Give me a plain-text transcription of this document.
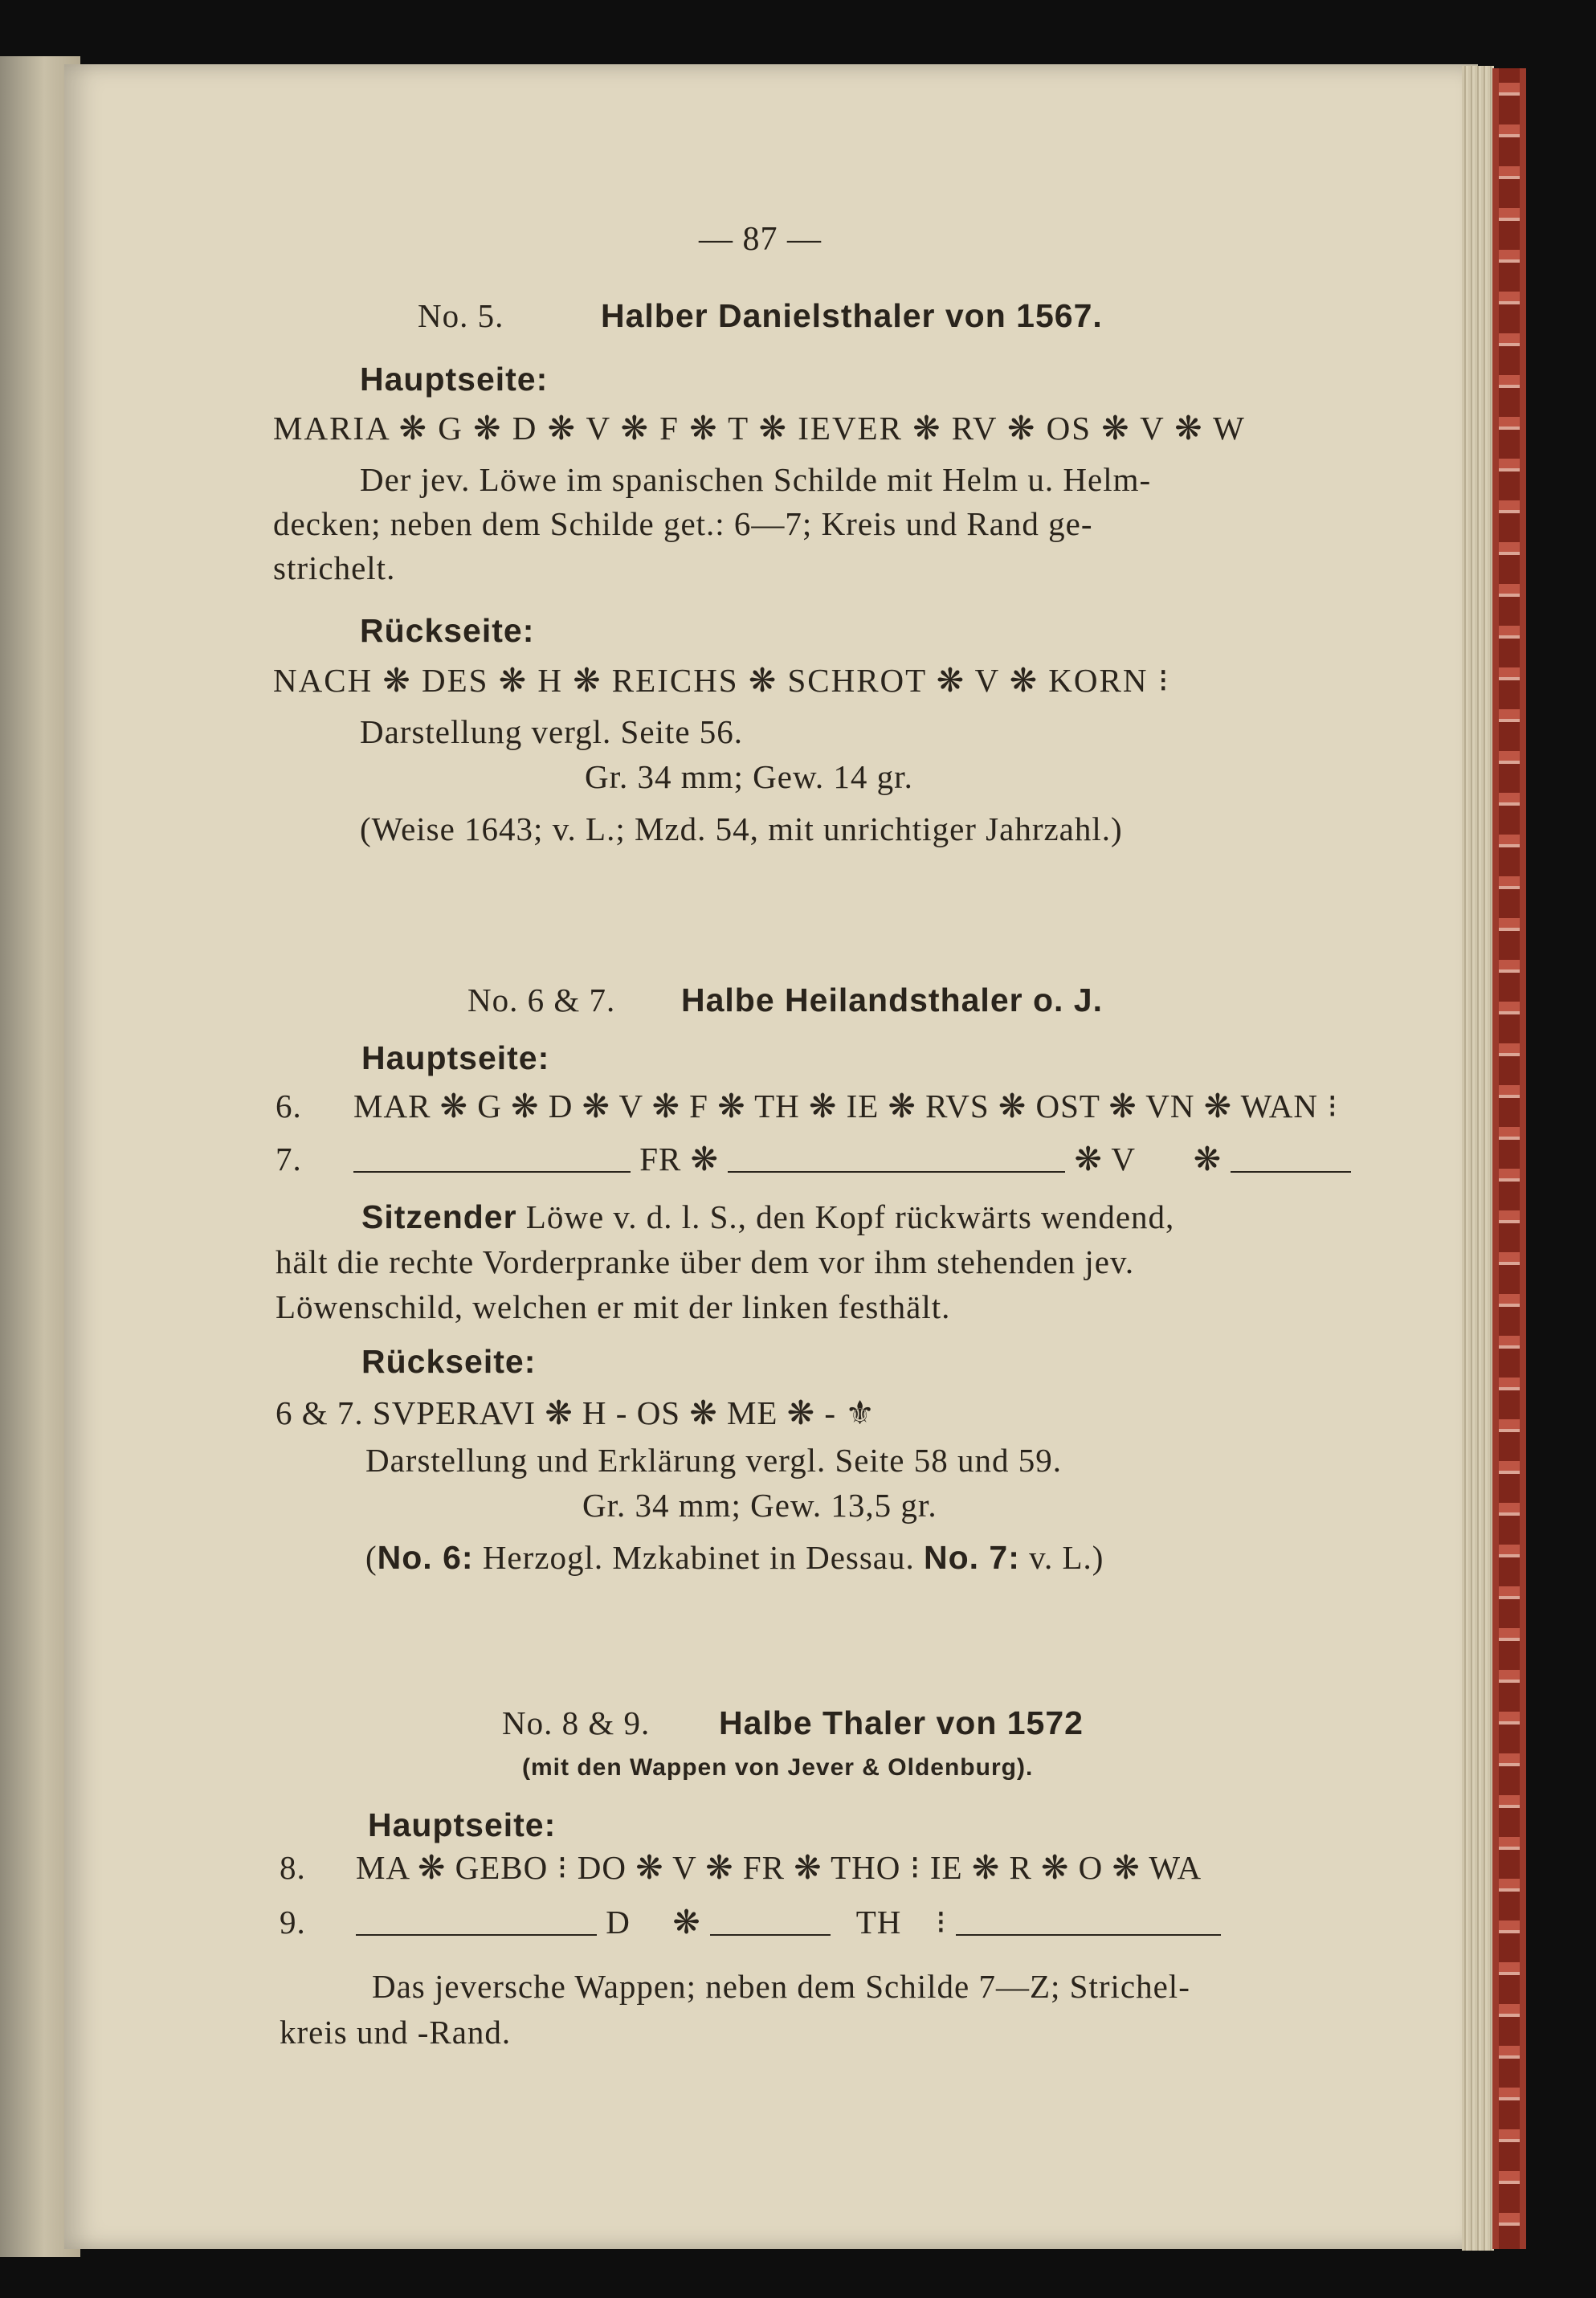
— 87 —
No. 5.	Halber Danielsthaler von 1567.
Hauptseite:
MARIA ❋ G ❋ D ❋ V ❋ F ❋ T ❋ IEVER ❋ RV ❋ OS ❋ V ❋ W
Der jev. Löwe im spanischen Schilde mit Helm u. Helm-
decken; neben dem Schilde get.: 6—7; Kreis und Rand ge-
strichelt.
Rückseite:
NACH ❋ DES ❋ H ❋ REICHS ❋ SCHROT ❋ V ❋ KORN ⁝
Darstellung vergl. Seite 56.
Gr. 34 mm; Gew. 14 gr.
(Weise 1643; v. L.; Mzd. 54, mit unrichtiger Jahrzahl.)
No. 6 & 7. Halbe Heilandsthaler o. J.
Hauptseite:
6. MAR ❋ G ❋ D ❋ V ❋ F ❋ TH ❋ IE ❋ RVS ❋ OST ❋ VN ❋ WAN ⁝
7.	FR ❋	❋ V ❋
Sitzender Löwe v. d. l. S., den Kopf rückwärts wendend,
hält die rechte Vorderpranke über dem vor ihm stehenden jev.
Löwenschild, welchen er mit der linken festhält.
Rückseite:
6 & 7. SVPERAVI ❋ H - OS ❋ ME ❋ - ⚜
Darstellung und Erklärung vergl. Seite 58 und 59.
Gr. 34 mm; Gew. 13,5 gr.
(No. 6: Herzogl. Mzkabinet in Dessau. No. 7: v. L.)
No. 8 & 9. Halbe Thaler von 1572
(mit den Wappen von Jever & Oldenburg).
Hauptseite:
8. MA ❋ GEBO ⁝ DO ❋ V ❋ FR ❋ THO ⁝ IE ❋ R ❋ O ❋ WA
9.	D ❋	TH ⁝
Das jeversche Wappen; neben dem Schilde 7—Z; Strichel-
kreis und -Rand.
